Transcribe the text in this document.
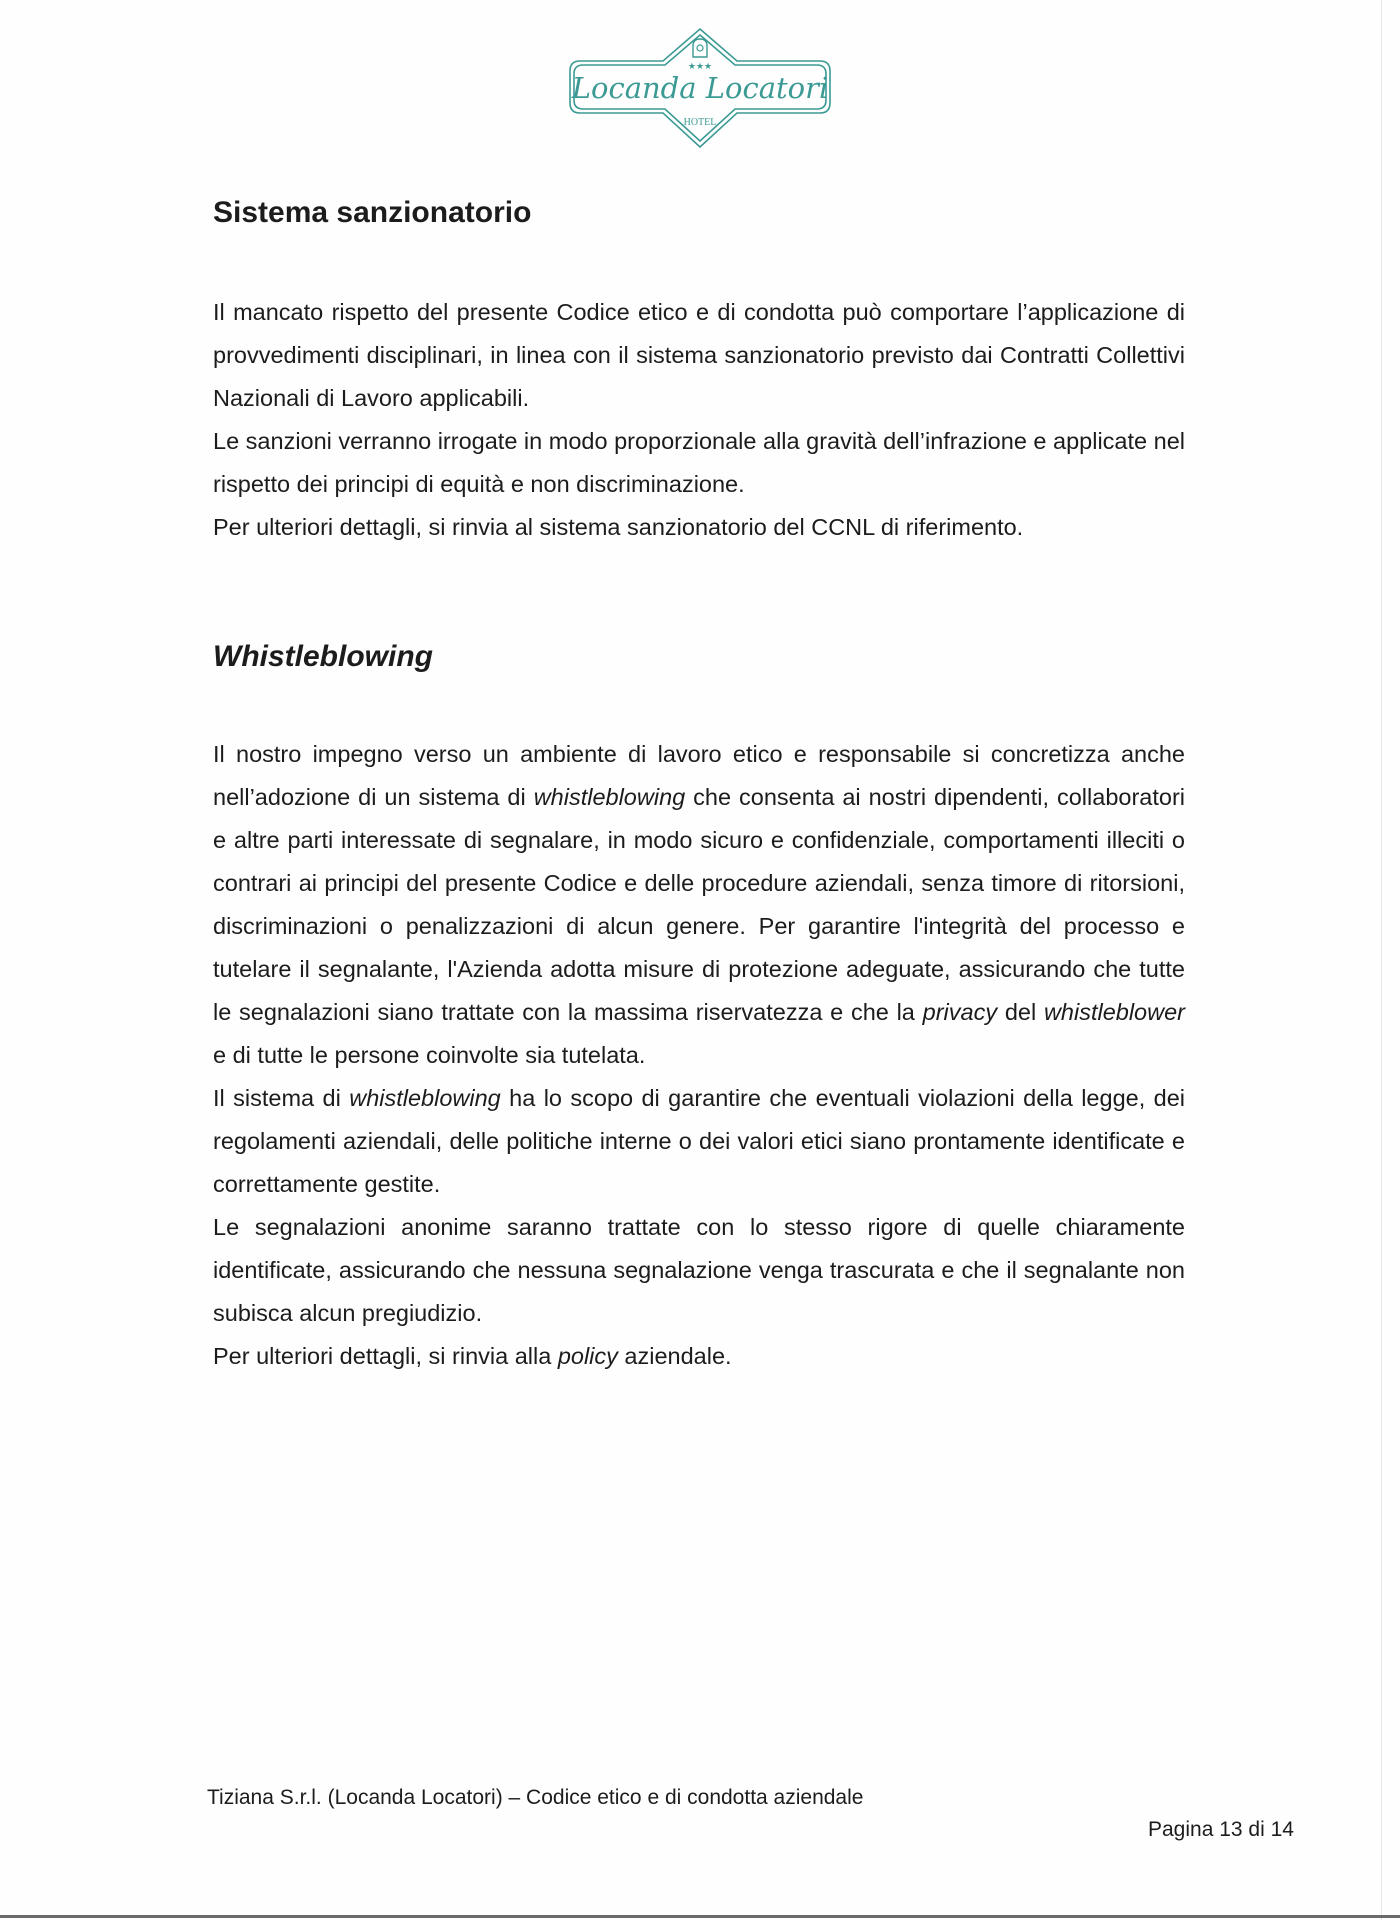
★★★
Locanda Locatori
HOTEL
Sistema sanzionatorio

Il mancato rispetto del presente Codice etico e di condotta può comportare l’applicazione di provvedimenti disciplinari, in linea con il sistema sanzionatorio previsto dai Contratti Collettivi Nazionali di Lavoro applicabili.

Le sanzioni verranno irrogate in modo proporzionale alla gravità dell’infrazione e applicate nel rispetto dei principi di equità e non discriminazione.

Per ulteriori dettagli, si rinvia al sistema sanzionatorio del CCNL di riferimento.

Whistleblowing

Il nostro impegno verso un ambiente di lavoro etico e responsabile si concretizza anche nell’adozione di un sistema di whistleblowing che consenta ai nostri dipendenti, collaboratori e altre parti interessate di segnalare, in modo sicuro e confidenziale, comportamenti illeciti o contrari ai principi del presente Codice e delle procedure aziendali, senza timore di ritorsioni, discriminazioni o penalizzazioni di alcun genere. Per garantire l'integrità del processo e tutelare il segnalante, l'Azienda adotta misure di protezione adeguate, assicurando che tutte le segnalazioni siano trattate con la massima riservatezza e che la privacy del whistleblower e di tutte le persone coinvolte sia tutelata.

Il sistema di whistleblowing ha lo scopo di garantire che eventuali violazioni della legge, dei regolamenti aziendali, delle politiche interne o dei valori etici siano prontamente identificate e correttamente gestite.

Le segnalazioni anonime saranno trattate con lo stesso rigore di quelle chiaramente identificate, assicurando che nessuna segnalazione venga trascurata e che il segnalante non subisca alcun pregiudizio.

Per ulteriori dettagli, si rinvia alla policy aziendale.

Tiziana S.r.l. (Locanda Locatori) – Codice etico e di condotta aziendale
Pagina 13 di 14
